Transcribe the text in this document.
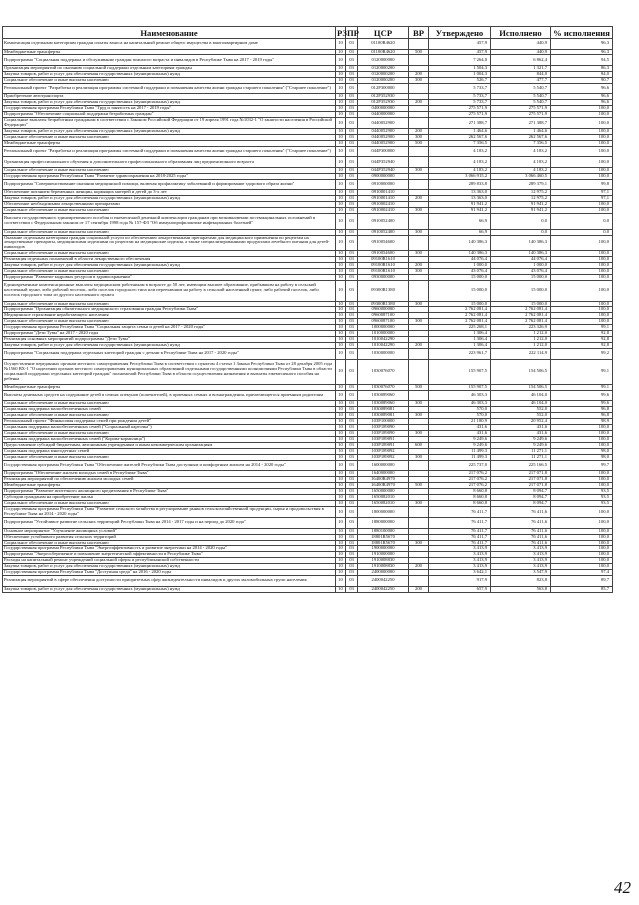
Наименование	РЗ	ПР	ЦСР	ВР	Утверждено	Исполнено	% исполнения
Компенсация отдельным категориям граждан оплаты взноса на капитальный ремонт общего имущества в многоквартирном доме	10	03	01100R4620		457,9	440,9	96,3
Межбюджетные трансферты	10	03	01100R4620	500	457,9	440,9	96,3
Подпрограмма "Социальная поддержка и обслуживание граждан пожилого возраста и инвалидов в Республике Тыва на 2017 - 2019 годы"	10	03	0120000000		7 264,0	6 862,4	94,5
Организация мероприятий по оказанию социальной поддержки отдельным категориям граждан	10	03	0120000200		1 504,3	1 321,7	86,3
Закупка товаров, работ и услуг для обеспечения государственных (муниципальных) нужд	10	03	0120000200	200	1 004,3	844,0	84,0
Социальное обеспечение и иные выплаты населению	10	03	0120000200	300	526,7	477,7	90,7
Региональный проект "Разработка и реализация программы системной поддержки и повышения качества жизни граждан старшего поколения" ("Старшее поколение")	10	03	012P300000		5 733,7	5 540,7	96,6
Приобретение автотранспорта	10	03	012P352930		5 733,7	5 540,7	96,6
Закупка товаров, работ и услуг для обеспечения государственных (муниципальных) нужд	10	03	012P352930	200	5 733,7	5 540,7	96,6
Государственная программа Республики Тыва "Труд и занятость на 2017 - 2019 годы"	10	03	0400000000		275 571,9	275 571,9	100,0
Подпрограмма "Обеспечение социальной поддержки безработных граждан"	10	03	0440000000		275 571,9	275 571,9	100,0
Социальные выплаты безработным гражданам в соответствии с Законом Российской Федерации от 19 апреля 1991 года №1032-1 "О занятости населения в Российской Федерации"	10	03	0440052900		271 388,7	271 388,7	100,0
Закупка товаров, работ и услуг для обеспечения государственных (муниципальных) нужд	10	03	0440052900	200	1 464,6	1 464,6	100,0
Социальное обеспечение и иные выплаты населению	10	03	0440052900	300	262 567,6	262 567,6	100,0
Межбюджетные трансферты	10	03	0440052900	500	7 356,5	7 356,5	100,0
Региональный проект "Разработка и реализация программы системной поддержки и повышения качества жизни граждан старшего поколения" ("Старшее поколение")	10	03	044P300000		4 183,2	4 183,2	100,0
Организация профессионального обучения и дополнительного профессионального образования лиц предпенсионного возраста	10	03	044P352940		4 183,2	4 183,2	100,0
Социальное обеспечение и иные выплаты населению	10	03	044P352940	300	4 183,2	4 183,2	100,0
Государственная программа Республики Тыва "Развитие здравоохранения на 2018-2025 годы"	10	03	0900000000		3 066 915,2	3 066 460,5	100,0
Подпрограмма "Совершенствование оказания медицинской помощи, включая профилактику заболеваний и формирование здорового образа жизни"	10	03	0910000000		289 833,8	289 379,1	99,8
Обеспечение питанием беременных женщин, кормящих матерей и детей до 3-х лет	10	03	0910001410		13 363,0	12 975,2	97,1
Закупка товаров, работ и услуг для обеспечения государственных (муниципальных) нужд	10	03	0910001410	200	13 363,0	12 975,2	97,1
Обеспечение необходимыми лекарственными препаратами	10	03	0910002410		91 941,2	91 941,2	100,0
Социальное обеспечение и иные выплаты населению	10	03	0910002410	300	91 941,2	91 941,2	100,0
Выплата государственного единовременного пособия и ежемесячной денежной компенсации гражданам при возникновении поствакцинальных осложнений в соответствии с Федеральным законом от 17 сентября 1998 года № 157-ФЗ "Об иммунопрофилактике инфекционных болезней"	10	03	0910052400		66,9	0,0	0,0
Социальное обеспечение и иные выплаты населению	10	03	0910052400	300	66,9	0,0	0,0
Оказание отдельным категориям граждан социальной услуги по обеспечению лекарственными препаратами для медицинского применения по рецептам на лекарственные препараты, медицинскими изделиями по рецептам на медицинские изделия, а также специализированными продуктами лечебного питания для детей-инвалидов	10	03	0910054600		140 386,3	140 386,3	100,0
Социальное обеспечение и иные выплаты населению	10	03	0910054600	300	140 386,3	140 386,3	100,0
Реализация отдельных полномочий в области лекарственного обеспечения	10	03	09100R1610		44 076,4	44 076,4	100,0
Закупка товаров, работ и услуг для обеспечения государственных (муниципальных) нужд	10	03	09100R1610	200	1 000,0	1 000,0	100,0
Социальное обеспечение и иные выплаты населению	10	03	09100R1610	300	43 076,4	43 076,4	100,0
Подпрограмма "Развитие кадровых ресурсов в здравоохранении"	10	03	0930000000		15 000,0	15 000,0	100,0
Единовременные компенсационные выплаты медицинским работникам в возрасте до 50 лет, имеющим высшее образование, прибывшим на работу в сельский населенный пункт, либо рабочий поселок, либо поселок городского типа или переехавшим на работу в сельский населенный пункт, либо рабочий поселок, либо поселок городского типа из другого населенного пункта	10	03	09300R1380		15 000,0	15 000,0	100,0
Социальное обеспечение и иные выплаты населению	10	03	09300R1380	300	15 000,0	15 000,0	100,0
Подпрограмма "Организация обязательного медицинского страхования граждан Республики Тыва"	10	03	0960000000		2 762 081,4	2 762 081,4	100,0
Медицинское страхование неработающего населения	10	03	0960087100		2 762 081,4	2 762 081,4	100,0
Социальное обеспечение и иные выплаты населению	10	03	0960087100	300	2 762 081,4	2 762 081,4	100,0
Государственная программа Республики Тыва "Социальная защита семьи и детей на 2017 - 2020 годы"	10	03	1000000000		225 268,1	223 326,9	99,1
Подпрограмма "Дети Тувы" на 2017 - 2020 годы	10	03	1010000000		1 306,4	1 212,0	92,8
Реализация основных мероприятий подпрограммы "Дети Тувы"	10	03	1010042290		1 306,4	1 212,0	92,8
Закупка товаров, работ и услуг для обеспечения государственных (муниципальных) нужд	10	03	1010042290	200	1 306,4	1 212,0	92,8
Подпрограмма "Социальная поддержка отдельных категорий граждан с детьми в Республике Тыва на 2017 - 2020 годы"	10	03	1030000000		223 961,7	222 114,9	99,2
Осуществление переданных органам местного самоуправления Республики Тыва в соответствии с пунктом 4 статьи 1 Закона Республики Тыва от 28 декабря 2005 года №1560 ВХ-1 "О наделении органов местного самоуправления муниципальных образований отдельными государственными полномочиями Республики Тыва в области социальной поддержки отдельных категорий граждан" полномочий Республики Тыва в области осуществления назначения и выплаты ежемесячного пособия на ребенка	10	03	1030076070		155 907,5	154 506,5	99,1
Межбюджетные трансферты	10	03	1030076070	500	155 907,5	154 506,5	99,1
Выплаты денежных средств на содержание детей в семьях опекунов (попечителей), в приемных семьях и вознаграждения, причитающегося приемным родителям	10	03	1030089060		46 303,3	46 104,0	99,6
Социальное обеспечение и иные выплаты населению	10	03	1030089060	300	46 303,3	46 104,0	99,6
Социальная поддержка малообеспеченных семей	10	03	1030089081		570,0	552,0	96,8
Социальное обеспечение и иные выплаты населению	10	03	1030089081	300	570,0	552,0	96,8
Региональный проект "Финансовая поддержка семей при рождении детей"	10	03	103P100000		21 180,9	20 952,4	98,9
Социальная поддержка малообеспеченных семей ("Социальный карточка")	10	03	103P189090		431,6	431,6	100,0
Социальное обеспечение и иные выплаты населению	10	03	103P189090	300	431,6	431,6	100,0
Социальная поддержка малообеспеченных семей ("Корова-кормилица")	10	03	103P189091		9 249,6	9 249,6	100,0
Предоставление субсидий бюджетным, автономным учреждениям и иным некоммерческим организациям	10	03	103P189091	600	9 249,6	9 249,6	100,0
Социальная поддержка многодетных семей	10	03	103P189092		11 499,3	11 271,1	98,0
Социальное обеспечение и иные выплаты населению	10	03	103P189092	300	11 499,3	11 271,1	98,0
Государственная программа Республики Тыва "Обеспечение жителей Республики Тыва доступным и комфортным жильем на 2014 - 2020 годы"	10	03	1600000000		225 737,0	225 166,5	99,7
Подпрограмма "Обеспечение жильем молодых семей в Республике Тыва"	10	03	1640000000		217 076,2	217 071,8	100,0
Реализация мероприятий по обеспечению жильем молодых семей	10	03	16400R4970		217 076,2	217 071,8	100,0
Межбюджетные трансферты	10	03	16400R4970	500	217 076,2	217 071,8	100,0
Подпрограмма "Развитие ипотечного жилищного кредитования в Республике Тыва"	10	03	1650000000		8 660,8	8 094,7	93,5
Субсидии гражданам на приобретение жилья	10	03	1650082010		8 660,8	8 094,7	93,5
Социальное обеспечение и иные выплаты населению	10	03	1650082010	300	8 660,8	8 094,7	93,5
Государственная программа Республики Тыва "Развитие сельского хозяйства и регулирование рынков сельскохозяйственной продукции, сырья и продовольствия в Республике Тыва на 2014 - 2020 годы"	10	03	1800000000		76 411,7	76 411,6	100,0
Подпрограмма "Устойчивое развитие сельских территорий Республики Тыва на 2014 - 2017 годы и на период до 2020 года"	10	03	1880000000		76 411,7	76 411,6	100,0
Основное мероприятие "Улучшение жилищных условий"	10	03	1880100000		76 411,7	76 411,6	100,0
Обеспечение устойчивого развития сельских территорий	10	03	18801R5670		76 411,7	76 411,6	100,0
Социальное обеспечение и иные выплаты населению	10	03	18801R5670	300	76 411,7	76 411,6	100,0
Государственная программа Республики Тыва "Энергоэффективность и развитие энергетики на 2014 - 2020 годы"	10	03	1900000000		3 413,9	3 413,9	100,0
Подпрограмма "Энергосбережение и повышение энергетической эффективности в Республике Тыва"	10	03	1910000000		3 413,9	3 413,9	100,0
Расходы на капитальный ремонт учреждений социальной сферы и республиканской собственности	10	03	1910008830		3 413,9	3 413,9	100,0
Закупка товаров, работ и услуг для обеспечения государственных (муниципальных) нужд	10	03	1910008830	200	3 413,9	3 413,9	100,0
Государственная программа Республики Тыва "Доступная среда" на 2016 - 2020 годы	10	03	2400000000		3 642,1	3 547,9	97,4
Реализация мероприятий в сфере обеспечения доступности приоритетных сфер жизнедеятельности инвалидов и других маломобильных групп населения	10	03	2400042250		917,9	823,8	89,7
Закупка товаров, работ и услуг для обеспечения государственных (муниципальных) нужд	10	03	2400042250	200	657,9	563,8	85,7
42
